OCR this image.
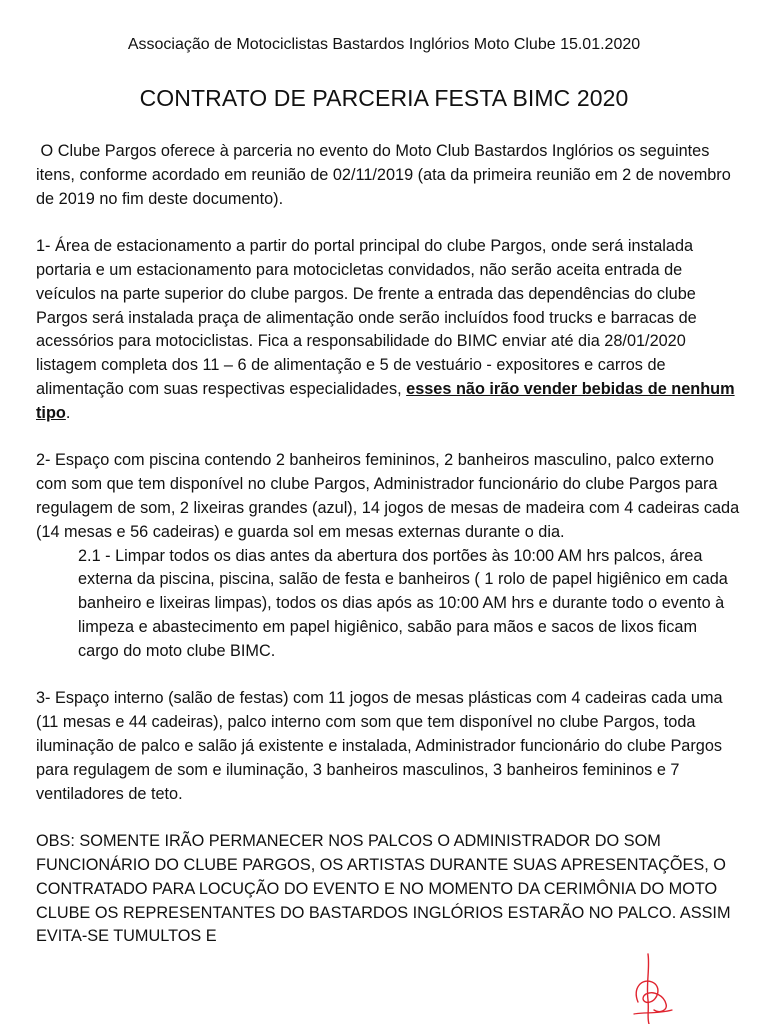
Associação de Motociclistas Bastardos Inglórios Moto Clube 15.01.2020
CONTRATO DE PARCERIA FESTA BIMC 2020

O Clube Pargos oferece à parceria no evento do Moto Club Bastardos Inglórios os seguintes itens, conforme acordado em reunião de 02/11/2019 (ata da primeira reunião em 2 de novembro de 2019 no fim deste documento).

1- Área de estacionamento a partir do portal principal do clube Pargos, onde será instalada portaria e um estacionamento para motocicletas convidados, não serão aceita entrada de veículos na parte superior do clube pargos. De frente a entrada das dependências do clube Pargos será instalada praça de alimentação onde serão incluídos food trucks e barracas de acessórios para motociclistas. Fica a responsabilidade do BIMC enviar até dia 28/01/2020 listagem completa dos 11 – 6 de alimentação e 5 de vestuário - expositores e carros de alimentação com suas respectivas especialidades, esses não irão vender bebidas de nenhum tipo.

2- Espaço com piscina contendo 2 banheiros femininos, 2 banheiros masculino, palco externo com som que tem disponível no clube Pargos, Administrador funcionário do clube Pargos para regulagem de som, 2 lixeiras grandes (azul), 14 jogos de mesas de madeira com 4 cadeiras cada (14 mesas e 56 cadeiras) e guarda sol em mesas externas durante o dia.

2.1 - Limpar todos os dias antes da abertura dos portões às 10:00 AM hrs palcos, área externa da piscina, piscina, salão de festa e banheiros ( 1 rolo de papel higiênico em cada banheiro e lixeiras limpas), todos os dias após as 10:00 AM hrs e durante todo o evento à limpeza e abastecimento em papel higiênico, sabão para mãos e sacos de lixos ficam cargo do moto clube BIMC.

3- Espaço interno (salão de festas) com 11 jogos de mesas plásticas com 4 cadeiras cada uma (11 mesas e 44 cadeiras), palco interno com som que tem disponível no clube Pargos, toda iluminação de palco e salão já existente e instalada, Administrador funcionário do clube Pargos para regulagem de som e iluminação, 3 banheiros masculinos, 3 banheiros femininos e 7 ventiladores de teto.

OBS: SOMENTE IRÃO PERMANECER NOS PALCOS O ADMINISTRADOR DO SOM FUNCIONÁRIO DO CLUBE PARGOS, OS ARTISTAS DURANTE SUAS APRESENTAÇÕES, O CONTRATADO PARA LOCUÇÃO DO EVENTO E NO MOMENTO DA CERIMÔNIA DO MOTO CLUBE OS REPRESENTANTES DO BASTARDOS INGLÓRIOS ESTARÃO NO PALCO. ASSIM EVITA-SE TUMULTOS E
